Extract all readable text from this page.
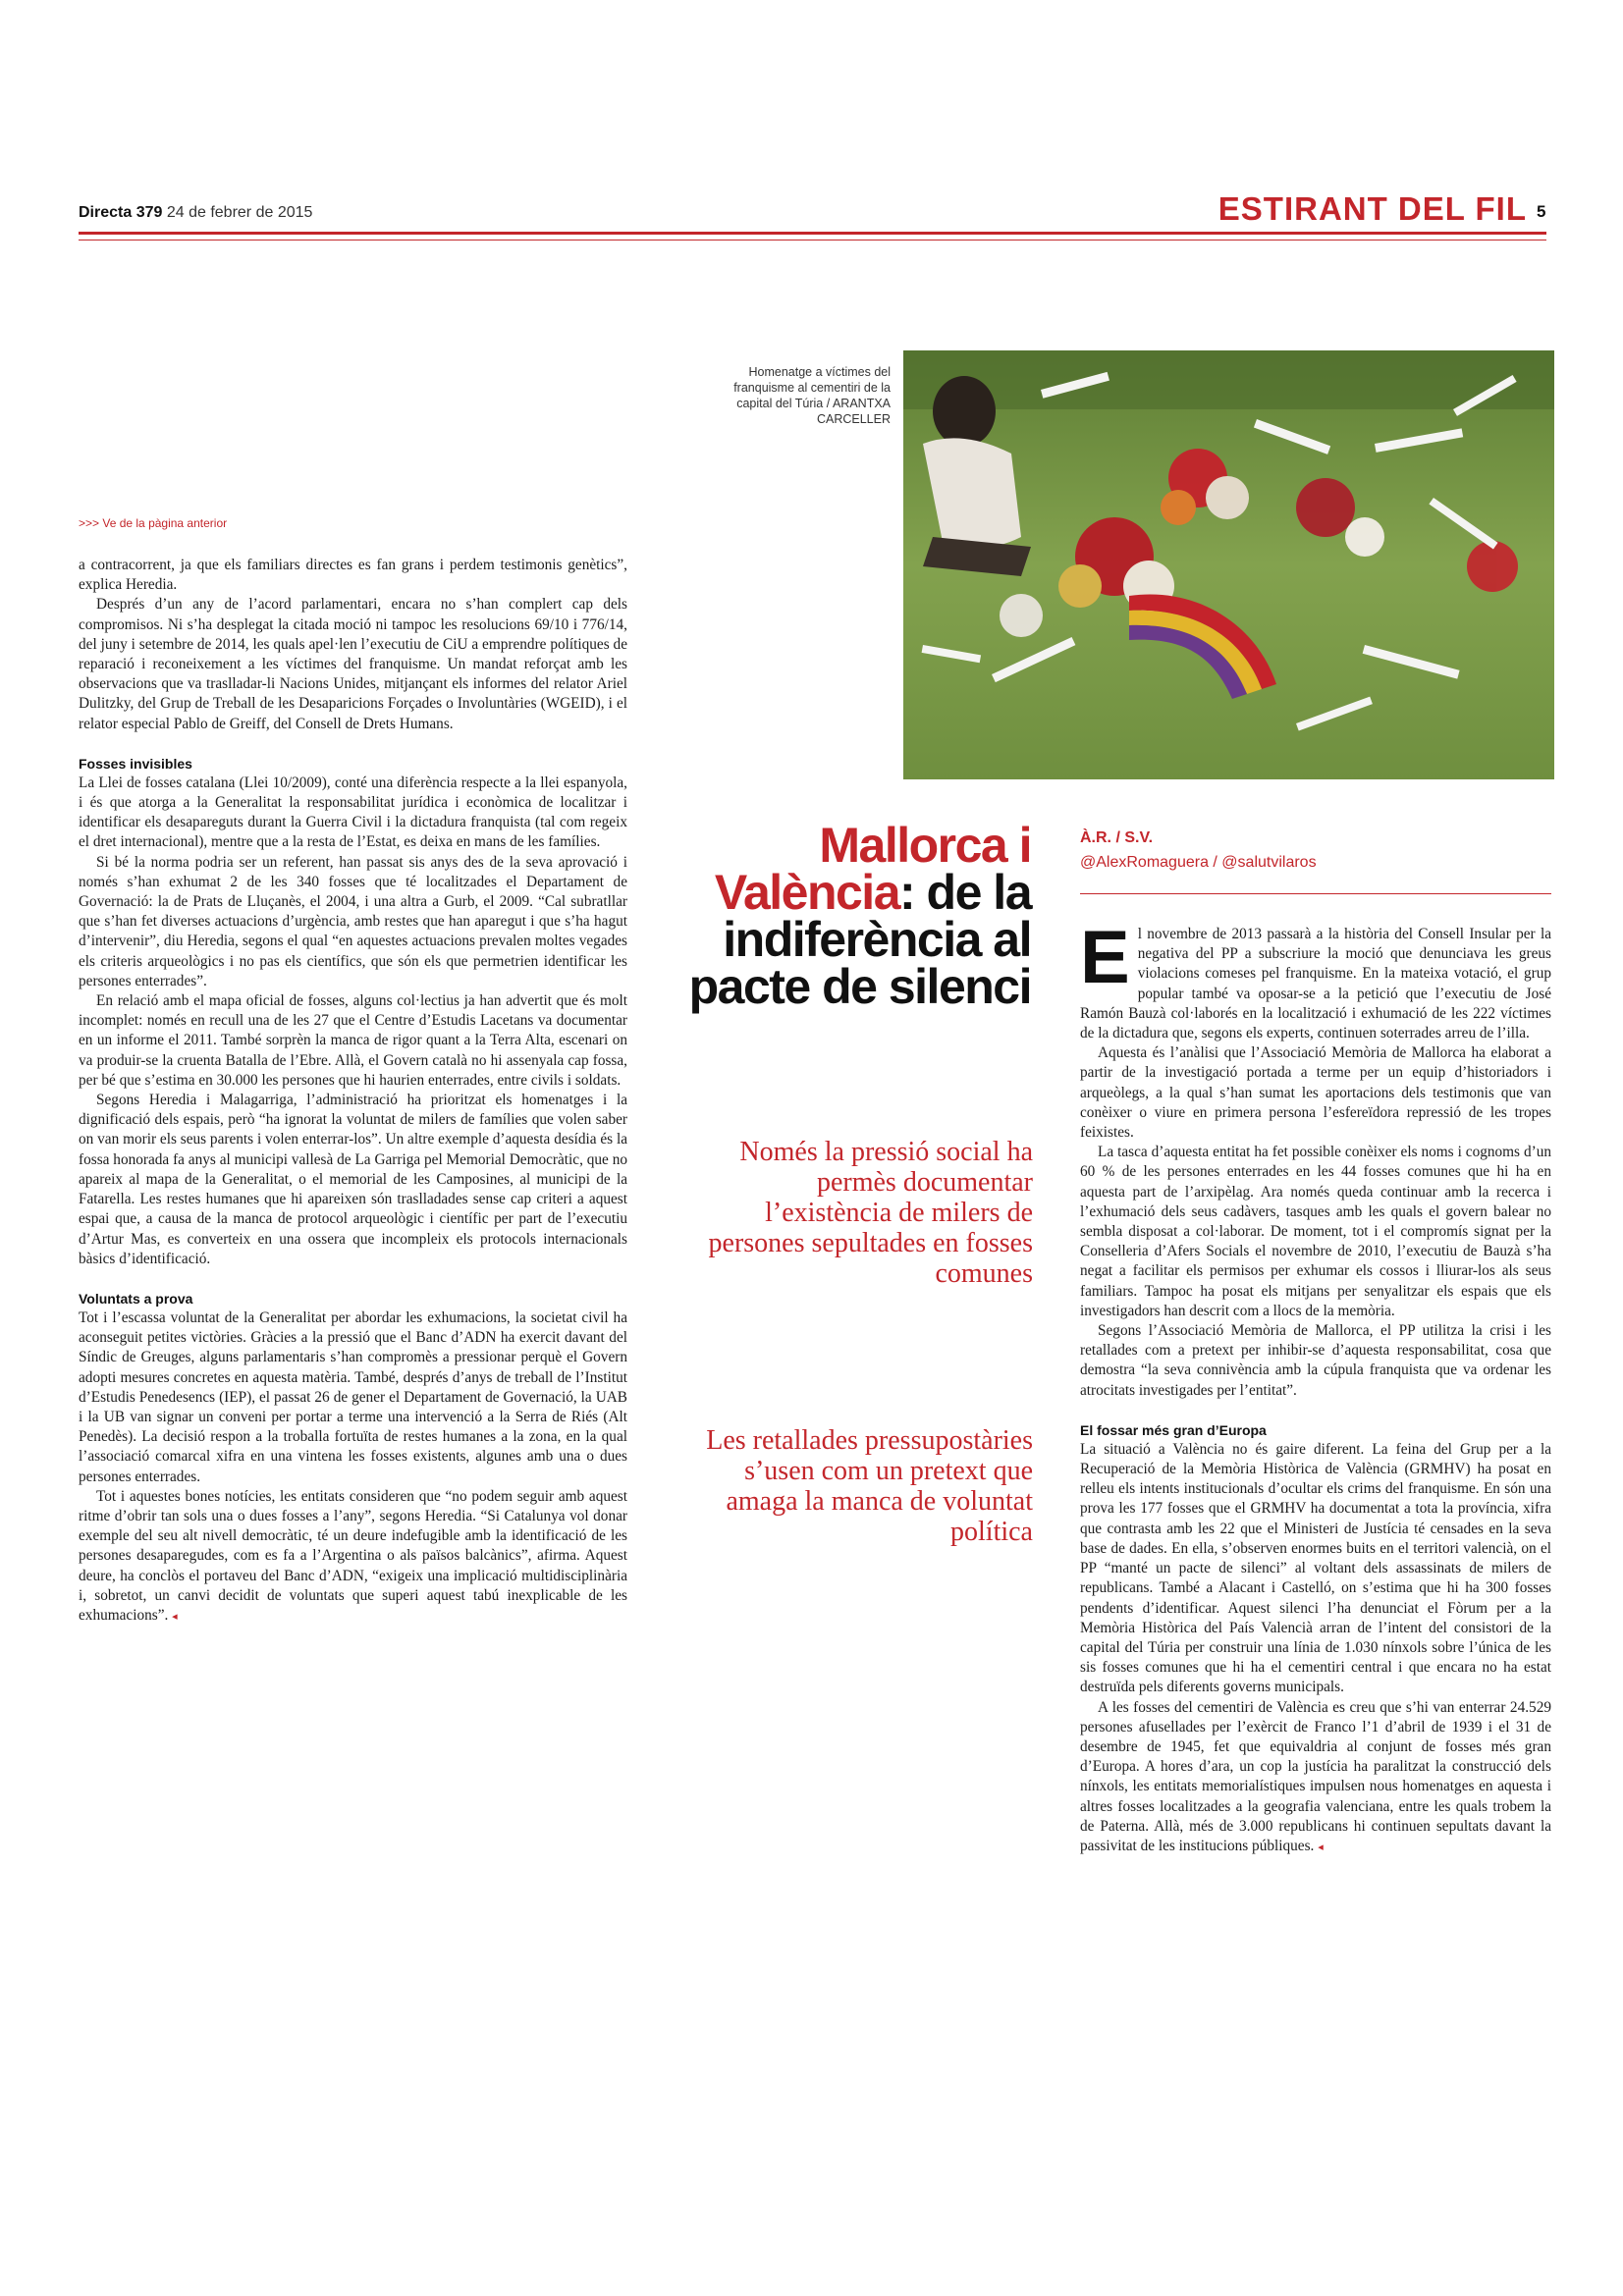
Directa 379 24 de febrer de 2015	ESTIRANT DEL FIL 5
Homenatge a víctimes del franquisme al cementiri de la capital del Túria / ARANTXA CARCELLER
>>> Ve de la pàgina anterior

a contracorrent, ja que els familiars directes es fan grans i perdem testimonis genètics”, explica Heredia.

Després d’un any de l’acord parlamentari, encara no s’han complert cap dels compromisos. Ni s’ha desplegat la citada moció ni tampoc les resolucions 69/10 i 776/14, del juny i setembre de 2014, les quals apel·len l’executiu de CiU a emprendre polítiques de reparació i reconeixement a les víctimes del franquisme. Un mandat reforçat amb les observacions que va traslladar-li Nacions Unides, mitjançant els informes del relator Ariel Dulitzky, del Grup de Treball de les Desaparicions Forçades o Involuntàries (WGEID), i el relator especial Pablo de Greiff, del Consell de Drets Humans.

Fosses invisibles

La Llei de fosses catalana (Llei 10/2009), conté una diferència respecte a la llei espanyola, i és que atorga a la Generalitat la responsabilitat jurídica i econòmica de localitzar i identificar els desapareguts durant la Guerra Civil i la dictadura franquista (tal com regeix el dret internacional), mentre que a la resta de l’Estat, es deixa en mans de les famílies.

Si bé la norma podria ser un referent, han passat sis anys des de la seva aprovació i només s’han exhumat 2 de les 340 fosses que té localitzades el Departament de Governació: la de Prats de Lluçanès, el 2004, i una altra a Gurb, el 2009. “Cal subratllar que s’han fet diverses actuacions d’urgència, amb restes que han aparegut i que s’ha hagut d’intervenir”, diu Heredia, segons el qual “en aquestes actuacions prevalen moltes vegades els criteris arqueològics i no pas els científics, que són els que permetrien identificar les persones enterrades”.

En relació amb el mapa oficial de fosses, alguns col·lectius ja han advertit que és molt incomplet: només en recull una de les 27 que el Centre d’Estudis Lacetans va documentar en un informe el 2011. També sorprèn la manca de rigor quant a la Terra Alta, escenari on va produir-se la cruenta Batalla de l’Ebre. Allà, el Govern català no hi assenyala cap fossa, per bé que s’estima en 30.000 les persones que hi haurien enterrades, entre civils i soldats.

Segons Heredia i Malagarriga, l’administració ha prioritzat els homenatges i la dignificació dels espais, però “ha ignorat la voluntat de milers de famílies que volen saber on van morir els seus parents i volen enterrar-los”. Un altre exemple d’aquesta desídia és la fossa honorada fa anys al municipi vallesà de La Garriga pel Memorial Democràtic, que no apareix al mapa de la Generalitat, o el memorial de les Camposines, al municipi de la Fatarella. Les restes humanes que hi apareixen són traslladades sense cap criteri a aquest espai que, a causa de la manca de protocol arqueològic i científic per part de l’executiu d’Artur Mas, es converteix en una ossera que incompleix els protocols internacionals bàsics d’identificació.

Voluntats a prova

Tot i l’escassa voluntat de la Generalitat per abordar les exhumacions, la societat civil ha aconseguit petites victòries. Gràcies a la pressió que el Banc d’ADN ha exercit davant del Síndic de Greuges, alguns parlamentaris s’han compromès a pressionar perquè el Govern adopti mesures concretes en aquesta matèria. També, després d’anys de treball de l’Institut d’Estudis Penedesencs (IEP), el passat 26 de gener el Departament de Governació, la UAB i la UB van signar un conveni per portar a terme una intervenció a la Serra de Riés (Alt Penedès). La decisió respon a la troballa fortuïta de restes humanes a la zona, en la qual l’associació comarcal xifra en una vintena les fosses existents, algunes amb una o dues persones enterrades.

Tot i aquestes bones notícies, les entitats consideren que “no podem seguir amb aquest ritme d’obrir tan sols una o dues fosses a l’any”, segons Heredia. “Si Catalunya vol donar exemple del seu alt nivell democràtic, té un deure indefugible amb la identificació de les persones desaparegudes, com es fa a l’Argentina o als països balcànics”, afirma. Aquest deure, ha conclòs el portaveu del Banc d’ADN, “exigeix una implicació multidisciplinària i, sobretot, un canvi decidit de voluntats que superi aquest tabú inexplicable de les exhumacions”. ◂

Mallorca i València: de la indiferència al pacte de silenci
Només la pressió social ha permès documentar l’existència de milers de persones sepultades en fosses comunes
Les retallades pressupostàries s’usen com un pretext que amaga la manca de voluntat política
À.R. / S.V.
@AlexRomaguera / @salutvilaros

El novembre de 2013 passarà a la història del Consell Insular per la negativa del PP a subscriure la moció que denunciava les greus violacions comeses pel franquisme. En la mateixa votació, el grup popular també va oposar-se a la petició que l’executiu de José Ramón Bauzà col·laborés en la localització i exhumació de les 222 víctimes de la dictadura que, segons els experts, continuen soterrades arreu de l’illa.

Aquesta és l’anàlisi que l’Associació Memòria de Mallorca ha elaborat a partir de la investigació portada a terme per un equip d’historiadors i arqueòlegs, a la qual s’han sumat les aportacions dels testimonis que van conèixer o viure en primera persona l’esfereïdora repressió de les tropes feixistes.

La tasca d’aquesta entitat ha fet possible conèixer els noms i cognoms d’un 60 % de les persones enterrades en les 44 fosses comunes que hi ha en aquesta part de l’arxipèlag. Ara només queda continuar amb la recerca i l’exhumació dels seus cadàvers, tasques amb les quals el govern balear no sembla disposat a col·laborar. De moment, tot i el compromís signat per la Conselleria d’Afers Socials el novembre de 2010, l’executiu de Bauzà s’ha negat a facilitar els permisos per exhumar els cossos i lliurar-los als seus familiars. Tampoc ha posat els mitjans per senyalitzar els espais que els investigadors han descrit com a llocs de la memòria.

Segons l’Associació Memòria de Mallorca, el PP utilitza la crisi i les retallades com a pretext per inhibir-se d’aquesta responsabilitat, cosa que demostra “la seva connivència amb la cúpula franquista que va ordenar les atrocitats investigades per l’entitat”.

El fossar més gran d’Europa

La situació a València no és gaire diferent. La feina del Grup per a la Recuperació de la Memòria Històrica de València (GRMHV) ha posat en relleu els intents institucionals d’ocultar els crims del franquisme. En són una prova les 177 fosses que el GRMHV ha documentat a tota la província, xifra que contrasta amb les 22 que el Ministeri de Justícia té censades en la seva base de dades. En ella, s’observen enormes buits en el territori valencià, on el PP “manté un pacte de silenci” al voltant dels assassinats de milers de republicans. També a Alacant i Castelló, on s’estima que hi ha 300 fosses pendents d’identificar. Aquest silenci l’ha denunciat el Fòrum per a la Memòria Històrica del País Valencià arran de l’intent del consistori de la capital del Túria per construir una línia de 1.030 nínxols sobre l’única de les sis fosses comunes que hi ha el cementiri central i que encara no ha estat destruïda pels diferents governs municipals.

A les fosses del cementiri de València es creu que s’hi van enterrar 24.529 persones afusellades per l’exèrcit de Franco l’1 d’abril de 1939 i el 31 de desembre de 1945, fet que equivaldria al conjunt de fosses més gran d’Europa. A hores d’ara, un cop la justícia ha paralitzat la construcció dels nínxols, les entitats memorialístiques impulsen nous homenatges en aquesta i altres fosses localitzades a la geografia valenciana, entre les quals trobem la de Paterna. Allà, més de 3.000 republicans hi continuen sepultats davant la passivitat de les institucions públiques. ◂
